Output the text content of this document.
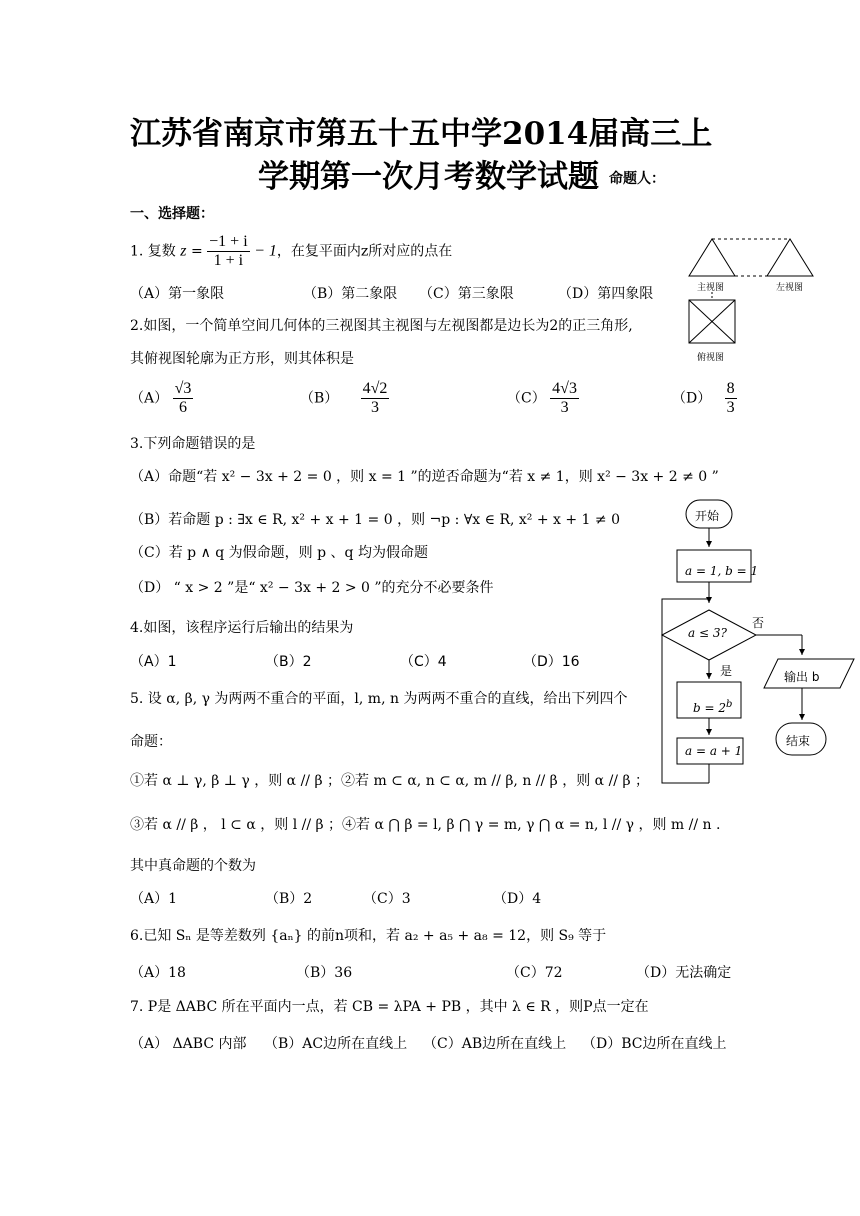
江苏省南京市第五十五中学2014届高三上
学期第一次月考数学试题 命题人：
一、选择题：
1. 复数 $z = \frac{-1 + i}{1 + i} - 1$，在复平面内z所对应的点在
（A）第一象限	（B）第二象限 （C）第三象限	（D）第四象限	主视图	左视图
俯视图
2.如图，一个简单空间几何体的三视图其主视图与左视图都是边长为2的正三角形,
其俯视图轮廓为正方形，则其体积是
$(A) \frac{√3}{6}$	$(B) \frac{4√2}{3}$	$(C) \frac{4√3}{3}$	$(D) \frac{8}{3}$
3.下列命题错误的是
（A）命题“若 x² − 3x + 2 = 0 ，则 x = 1 ”的逆否命题为“若 x ≠ 1，则 x² − 3x + 2 ≠ 0 ”
（B）若命题 p : ∃x ∈ R, x² + x + 1 = 0 ，则 ¬p : ∀x ∈ R, x² + x + 1 ≠ 0
（C）若 p ∧ q 为假命题，则 p 、q 均为假命题
（D） “ x > 2 ”是“ x² − 3x + 2 > 0 ”的充分不必要条件
4.如图，该程序运行后输出的结果为
（A）1	（B）2	（C）4	（D）16
开始
a = 1, b = 1
a ≤ 3?
否
是
$b = 2^b$
a = a + 1
输出 b
结束
5. 设 α, β, γ 为两两不重合的平面，l, m, n 为两两不重合的直线，给出下列四个
命题：
①若 α ⊥ γ, β ⊥ γ ，则 α // β ；②若 m ⊂ α, n ⊂ α, m // β, n // β ，则 α // β ；
③若 α // β ， l ⊂ α ，则 l // β ；④若 α ⋂ β = l, β ⋂ γ = m, γ ⋂ α = n, l // γ ，则 m // n .
其中真命题的个数为
（A）1	（B）2	（C）3	（D）4
6.已知 Sₙ 是等差数列 {aₙ} 的前n项和，若 a₂ + a₅ + a₈ = 12，则 S₉ 等于
（A）18	（B）36	（C）72	（D）无法确定
7. P是 ΔABC 所在平面内一点，若 CB = λPA + PB ，其中 λ ∈ R ，则P点一定在
（A） ΔABC 内部 （B）AC边所在直线上 （C）AB边所在直线上 （D）BC边所在直线上
